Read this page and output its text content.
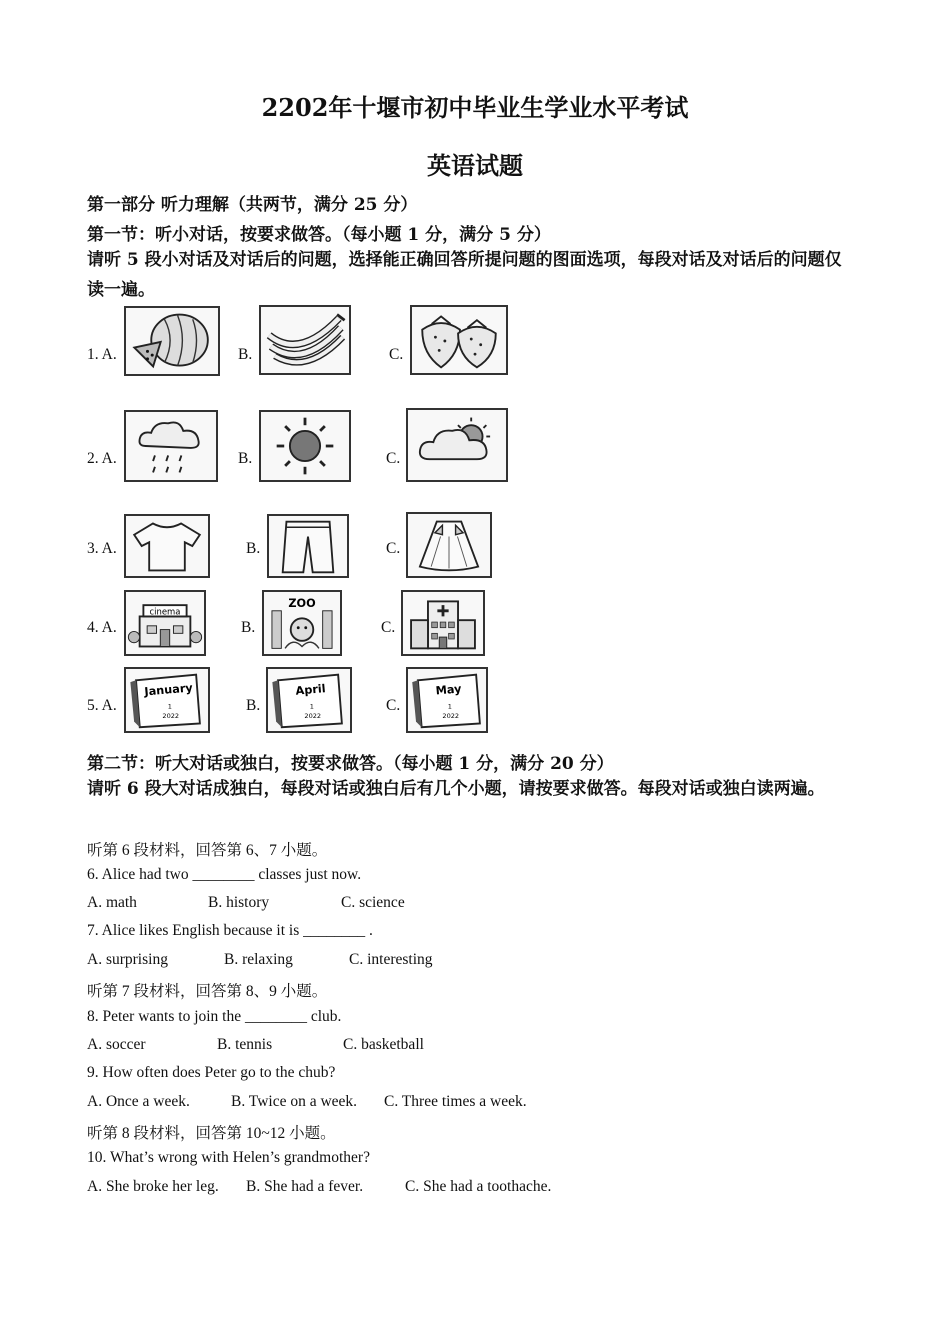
2202年十堰市初中毕业生学业水平考试
英语试题
第一部分 听力理解（共两节，满分 25 分）
第一节：听小对话，按要求做答。（每小题 1 分，满分 5 分）
请听 5 段小对话及对话后的问题，选择能正确回答所提问题的图面选项，每段对话及对话后的问题仅读一遍。
1. A.	B.	C.
2. A.	B.	C.
3. A.	B.	C.
4. A.
cinema
B.
ZOO
C.
5. A.
January
1
2022
B.
April
1
2022
C.
May
1
2022
第二节：听大对话或独白，按要求做答。（每小题 1 分，满分 20 分）
请听 6 段大对话成独白，每段对话或独白后有几个小题，请按要求做答。每段对话或独白读两遍。
听第 6 段材料，回答第 6、7 小题。
6. Alice had two ________ classes just now.
A. math	B. history	C. science
7. Alice likes English because it is ________ .
A. surprising	B. relaxing	C. interesting
听第 7 段材料，回答第 8、9 小题。
8. Peter wants to join the ________ club.
A. soccer	B. tennis	C. basketball
9. How often does Peter go to the chub?
A. Once a week.	B. Twice on a week. C. Three times a week.
听第 8 段材料，回答第 10~12 小题。
10. What’s wrong with Helen’s grandmother?
A. She broke her leg. B. She had a fever.	C. She had a toothache.
